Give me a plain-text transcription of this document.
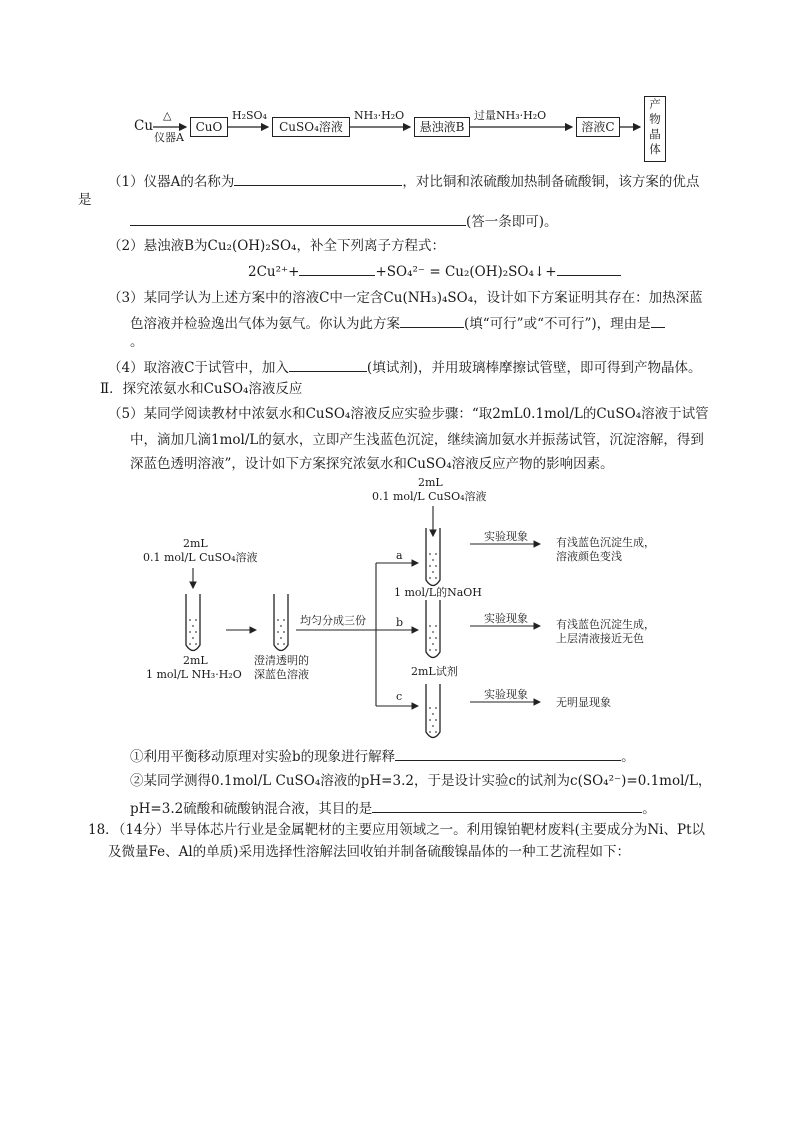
Cu
△
仪器A
CuO
H₂SO₄
CuSO₄溶液
NH₃·H₂O
悬浊液B
过量NH₃·H₂O
溶液C
产
物
晶
体
（1）仪器A的名称为	，对比铜和浓硫酸加热制备硫酸铜，该方案的优点
是
(答一条即可)。
（2）悬浊液B为Cu₂(OH)₂SO₄，补全下列离子方程式：
2Cu²⁺+	+SO₄²⁻ = Cu₂(OH)₂SO₄↓+
（3）某同学认为上述方案中的溶液C中一定含Cu(NH₃)₄SO₄，设计如下方案证明其存在：加热深蓝
色溶液并检验逸出气体为氨气。你认为此方案	(填“可行”或“不可行”)，理由是
。
（4）取溶液C于试管中，加入	(填试剂)，并用玻璃棒摩擦试管壁，即可得到产物晶体。
Ⅱ．探究浓氨水和CuSO₄溶液反应
（5）某同学阅读教材中浓氨水和CuSO₄溶液反应实验步骤：“取2mL0.1mol/L的CuSO₄溶液于试管
中，滴加几滴1mol/L的氨水，立即产生浅蓝色沉淀，继续滴加氨水并振荡试管，沉淀溶解，得到
深蓝色透明溶液”，设计如下方案探究浓氨水和CuSO₄溶液反应产物的影响因素。
2mL
0.1 mol/L CuSO₄溶液
2mL
0.1 mol/L CuSO₄溶液
2mL
1 mol/L NH₃·H₂O
澄清透明的
深蓝色溶液
均匀分成三份
a
b
c
1 mol/L的NaOH
2mL试剂
实验现象
实验现象
实验现象
有浅蓝色沉淀生成，
溶液颜色变浅
有浅蓝色沉淀生成，
上层清液接近无色
无明显现象
①利用平衡移动原理对实验b的现象进行解释	。
②某同学测得0.1mol/L CuSO₄溶液的pH=3.2，于是设计实验c的试剂为c(SO₄²⁻)=0.1mol/L，
pH=3.2硫酸和硫酸钠混合液，其目的是	。
18．（14分）半导体芯片行业是金属靶材的主要应用领域之一。利用镍铂靶材废料(主要成分为Ni、Pt以
及微量Fe、Al的单质)采用选择性溶解法回收铂并制备硫酸镍晶体的一种工艺流程如下：
